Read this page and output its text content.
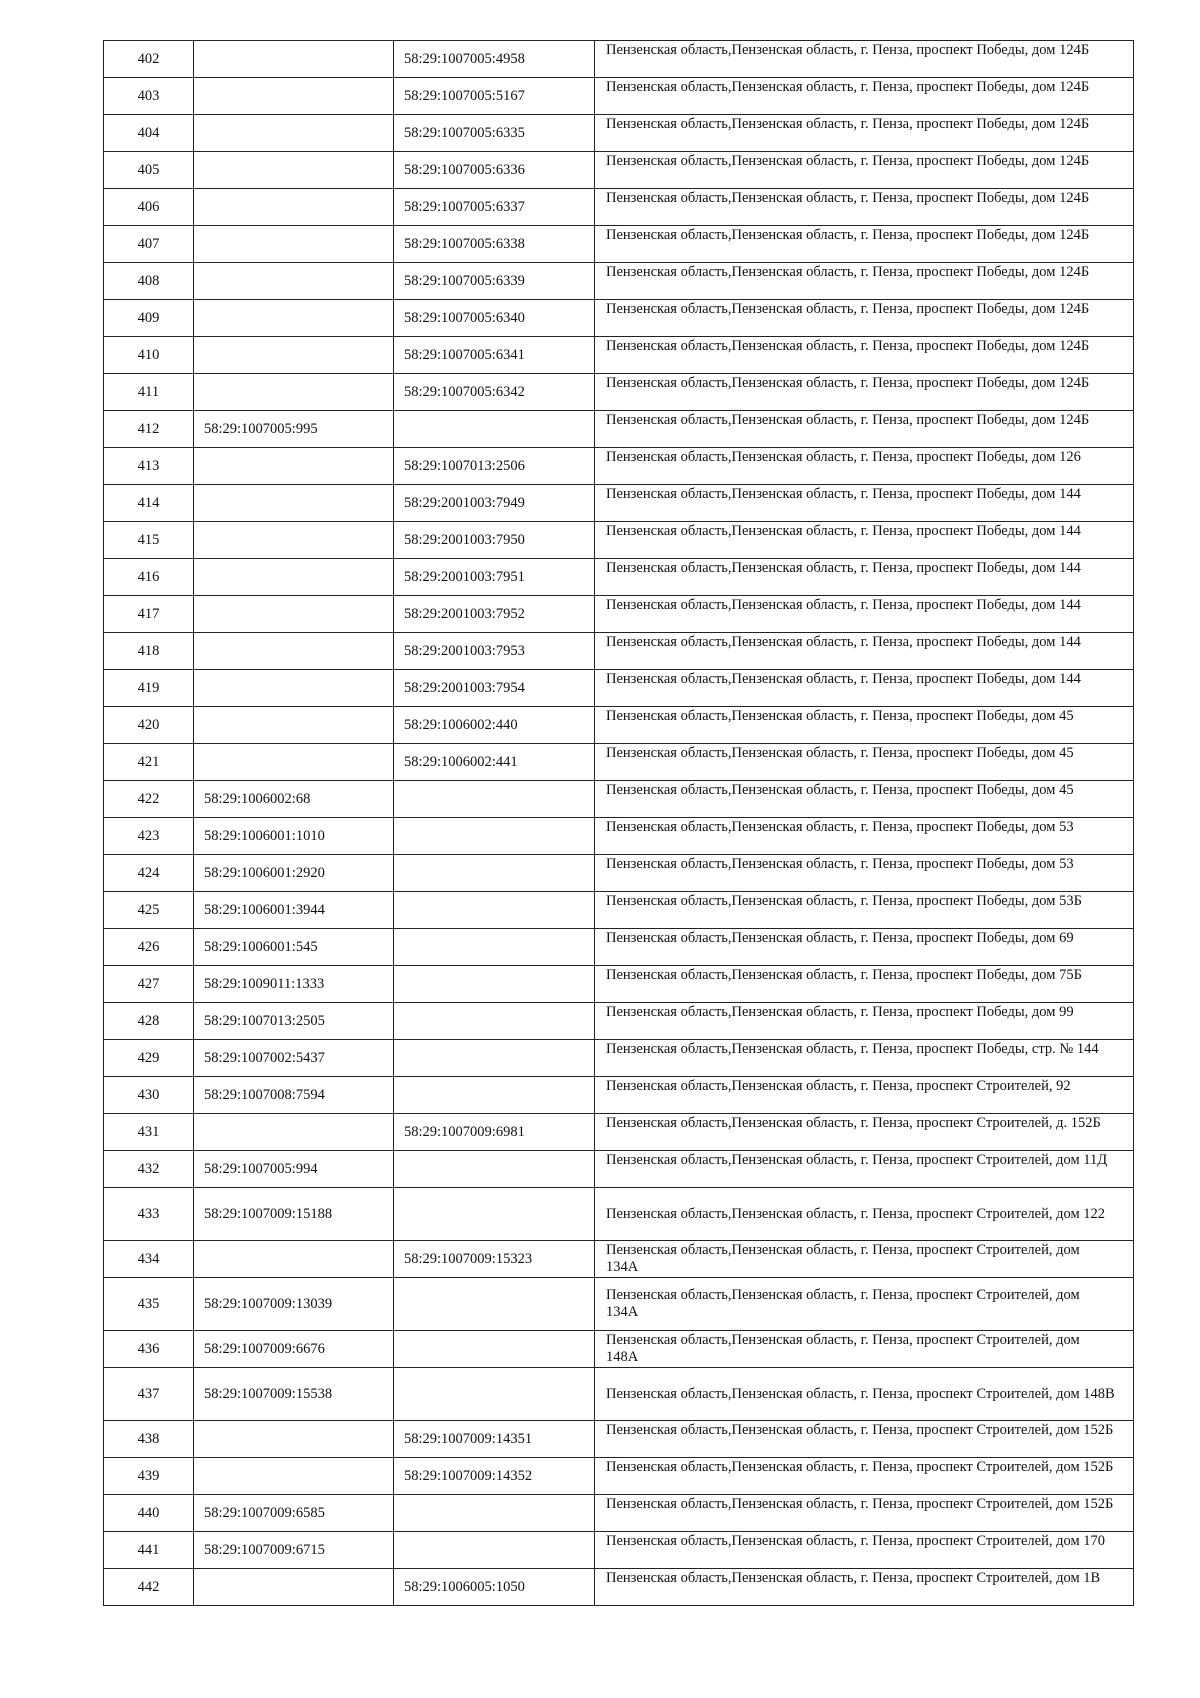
402		58:29:1007005:4958	Пензенская область,Пензенская область, г. Пенза, проспект Победы, дом 124Б
403		58:29:1007005:5167	Пензенская область,Пензенская область, г. Пенза, проспект Победы, дом 124Б
404		58:29:1007005:6335	Пензенская область,Пензенская область, г. Пенза, проспект Победы, дом 124Б
405		58:29:1007005:6336	Пензенская область,Пензенская область, г. Пенза, проспект Победы, дом 124Б
406		58:29:1007005:6337	Пензенская область,Пензенская область, г. Пенза, проспект Победы, дом 124Б
407		58:29:1007005:6338	Пензенская область,Пензенская область, г. Пенза, проспект Победы, дом 124Б
408		58:29:1007005:6339	Пензенская область,Пензенская область, г. Пенза, проспект Победы, дом 124Б
409		58:29:1007005:6340	Пензенская область,Пензенская область, г. Пенза, проспект Победы, дом 124Б
410		58:29:1007005:6341	Пензенская область,Пензенская область, г. Пенза, проспект Победы, дом 124Б
411		58:29:1007005:6342	Пензенская область,Пензенская область, г. Пенза, проспект Победы, дом 124Б
412	58:29:1007005:995		Пензенская область,Пензенская область, г. Пенза, проспект Победы, дом 124Б
413		58:29:1007013:2506	Пензенская область,Пензенская область, г. Пенза, проспект Победы, дом 126
414		58:29:2001003:7949	Пензенская область,Пензенская область, г. Пенза, проспект Победы, дом 144
415		58:29:2001003:7950	Пензенская область,Пензенская область, г. Пенза, проспект Победы, дом 144
416		58:29:2001003:7951	Пензенская область,Пензенская область, г. Пенза, проспект Победы, дом 144
417		58:29:2001003:7952	Пензенская область,Пензенская область, г. Пенза, проспект Победы, дом 144
418		58:29:2001003:7953	Пензенская область,Пензенская область, г. Пенза, проспект Победы, дом 144
419		58:29:2001003:7954	Пензенская область,Пензенская область, г. Пенза, проспект Победы, дом 144
420		58:29:1006002:440	Пензенская область,Пензенская область, г. Пенза, проспект Победы, дом 45
421		58:29:1006002:441	Пензенская область,Пензенская область, г. Пенза, проспект Победы, дом 45
422	58:29:1006002:68		Пензенская область,Пензенская область, г. Пенза, проспект Победы, дом 45
423	58:29:1006001:1010		Пензенская область,Пензенская область, г. Пенза, проспект Победы, дом 53
424	58:29:1006001:2920		Пензенская область,Пензенская область, г. Пенза, проспект Победы, дом 53
425	58:29:1006001:3944		Пензенская область,Пензенская область, г. Пенза, проспект Победы, дом 53Б
426	58:29:1006001:545		Пензенская область,Пензенская область, г. Пенза, проспект Победы, дом 69
427	58:29:1009011:1333		Пензенская область,Пензенская область, г. Пенза, проспект Победы, дом 75Б
428	58:29:1007013:2505		Пензенская область,Пензенская область, г. Пенза, проспект Победы, дом 99
429	58:29:1007002:5437		Пензенская область,Пензенская область, г. Пенза, проспект Победы, стр. № 144
430	58:29:1007008:7594		Пензенская область,Пензенская область, г. Пенза, проспект Строителей, 92
431		58:29:1007009:6981	Пензенская область,Пензенская область, г. Пенза, проспект Строителей, д. 152Б
432	58:29:1007005:994		Пензенская область,Пензенская область, г. Пенза, проспект Строителей, дом 11Д
433	58:29:1007009:15188		Пензенская область,Пензенская область, г. Пенза, проспект Строителей, дом 122
434		58:29:1007009:15323	Пензенская область,Пензенская область, г. Пенза, проспект Строителей, дом 134А
435	58:29:1007009:13039		Пензенская область,Пензенская область, г. Пенза, проспект Строителей, дом 134А
436	58:29:1007009:6676		Пензенская область,Пензенская область, г. Пенза, проспект Строителей, дом 148А
437	58:29:1007009:15538		Пензенская область,Пензенская область, г. Пенза, проспект Строителей, дом 148В
438		58:29:1007009:14351	Пензенская область,Пензенская область, г. Пенза, проспект Строителей, дом 152Б
439		58:29:1007009:14352	Пензенская область,Пензенская область, г. Пенза, проспект Строителей, дом 152Б
440	58:29:1007009:6585		Пензенская область,Пензенская область, г. Пенза, проспект Строителей, дом 152Б
441	58:29:1007009:6715		Пензенская область,Пензенская область, г. Пенза, проспект Строителей, дом 170
442		58:29:1006005:1050	Пензенская область,Пензенская область, г. Пенза, проспект Строителей, дом 1В
